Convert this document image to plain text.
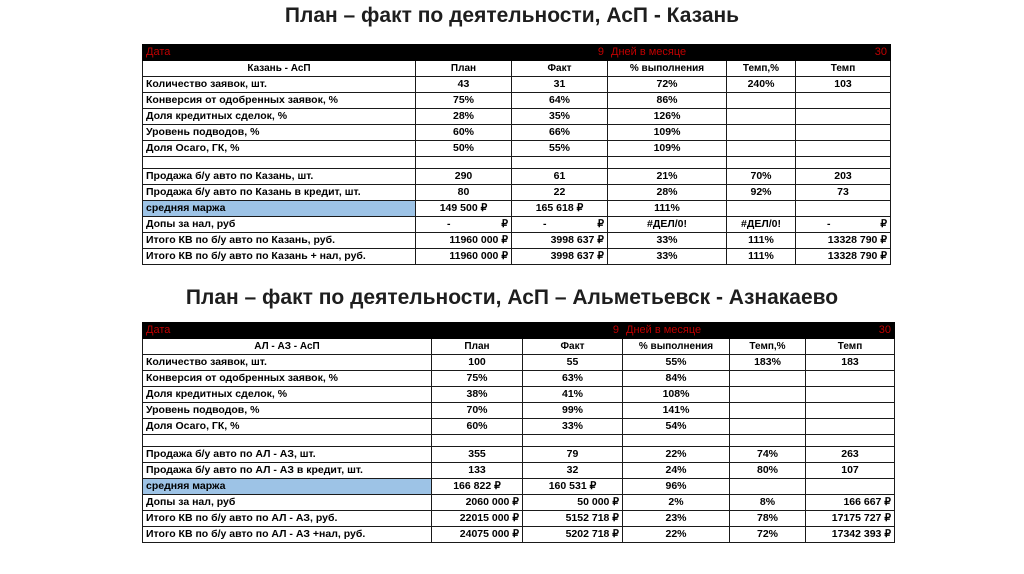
План – факт по деятельности, АсП - Казань
Дата	9		Дней в месяце		30
Казань - АсП	План	Факт	% выполнения	Темп,%	Темп
Количество заявок, шт.	43	31	72%	240%	103
Конверсия от одобренных заявок, %	75%	64%	86%		
Доля кредитных сделок, %	28%	35%	126%		
Уровень подводов, %	60%	66%	109%		
Доля Осаго, ГК, %	50%	55%	109%		

Продажа б/у авто по Казань, шт.	290	61	21%	70%	203
Продажа б/у авто по Казань в кредит, шт.	80	22	28%	92%	73
средняя маржа	149 500 ₽	165 618 ₽	111%		
Допы за нал, руб	- ₽	- ₽	#ДЕЛ/0!	#ДЕЛ/0!	- ₽

Итого КВ по б/у авто по Казань, руб.	11960 000 ₽	3998 637 ₽	33%	111%	13328 790 ₽
Итого КВ по б/у авто по Казань + нал, руб.	11960 000 ₽	3998 637 ₽	33%	111%	13328 790 ₽
План – факт по деятельности, АсП – Альметьевск - Азнакаево
Дата	9		Дней в месяце		30
АЛ - АЗ - АсП	План	Факт	% выполнения	Темп,%	Темп
Количество заявок, шт.	100	55	55%	183%	183
Конверсия от одобренных заявок, %	75%	63%	84%		
Доля кредитных сделок, %	38%	41%	108%		
Уровень подводов, %	70%	99%	141%		
Доля Осаго, ГК, %	60%	33%	54%		

Продажа б/у авто по АЛ - АЗ, шт.	355	79	22%	74%	263
Продажа б/у авто по АЛ - АЗ в кредит, шт.	133	32	24%	80%	107
средняя маржа	166 822 ₽	160 531 ₽	96%		
Допы за нал, руб	2060 000 ₽	50 000 ₽	2%	8%	166 667 ₽
Итого КВ по б/у авто по АЛ - АЗ, руб.	22015 000 ₽	5152 718 ₽	23%	78%	17175 727 ₽
Итого КВ по б/у авто по АЛ - АЗ +нал, руб.	24075 000 ₽	5202 718 ₽	22%	72%	17342 393 ₽
